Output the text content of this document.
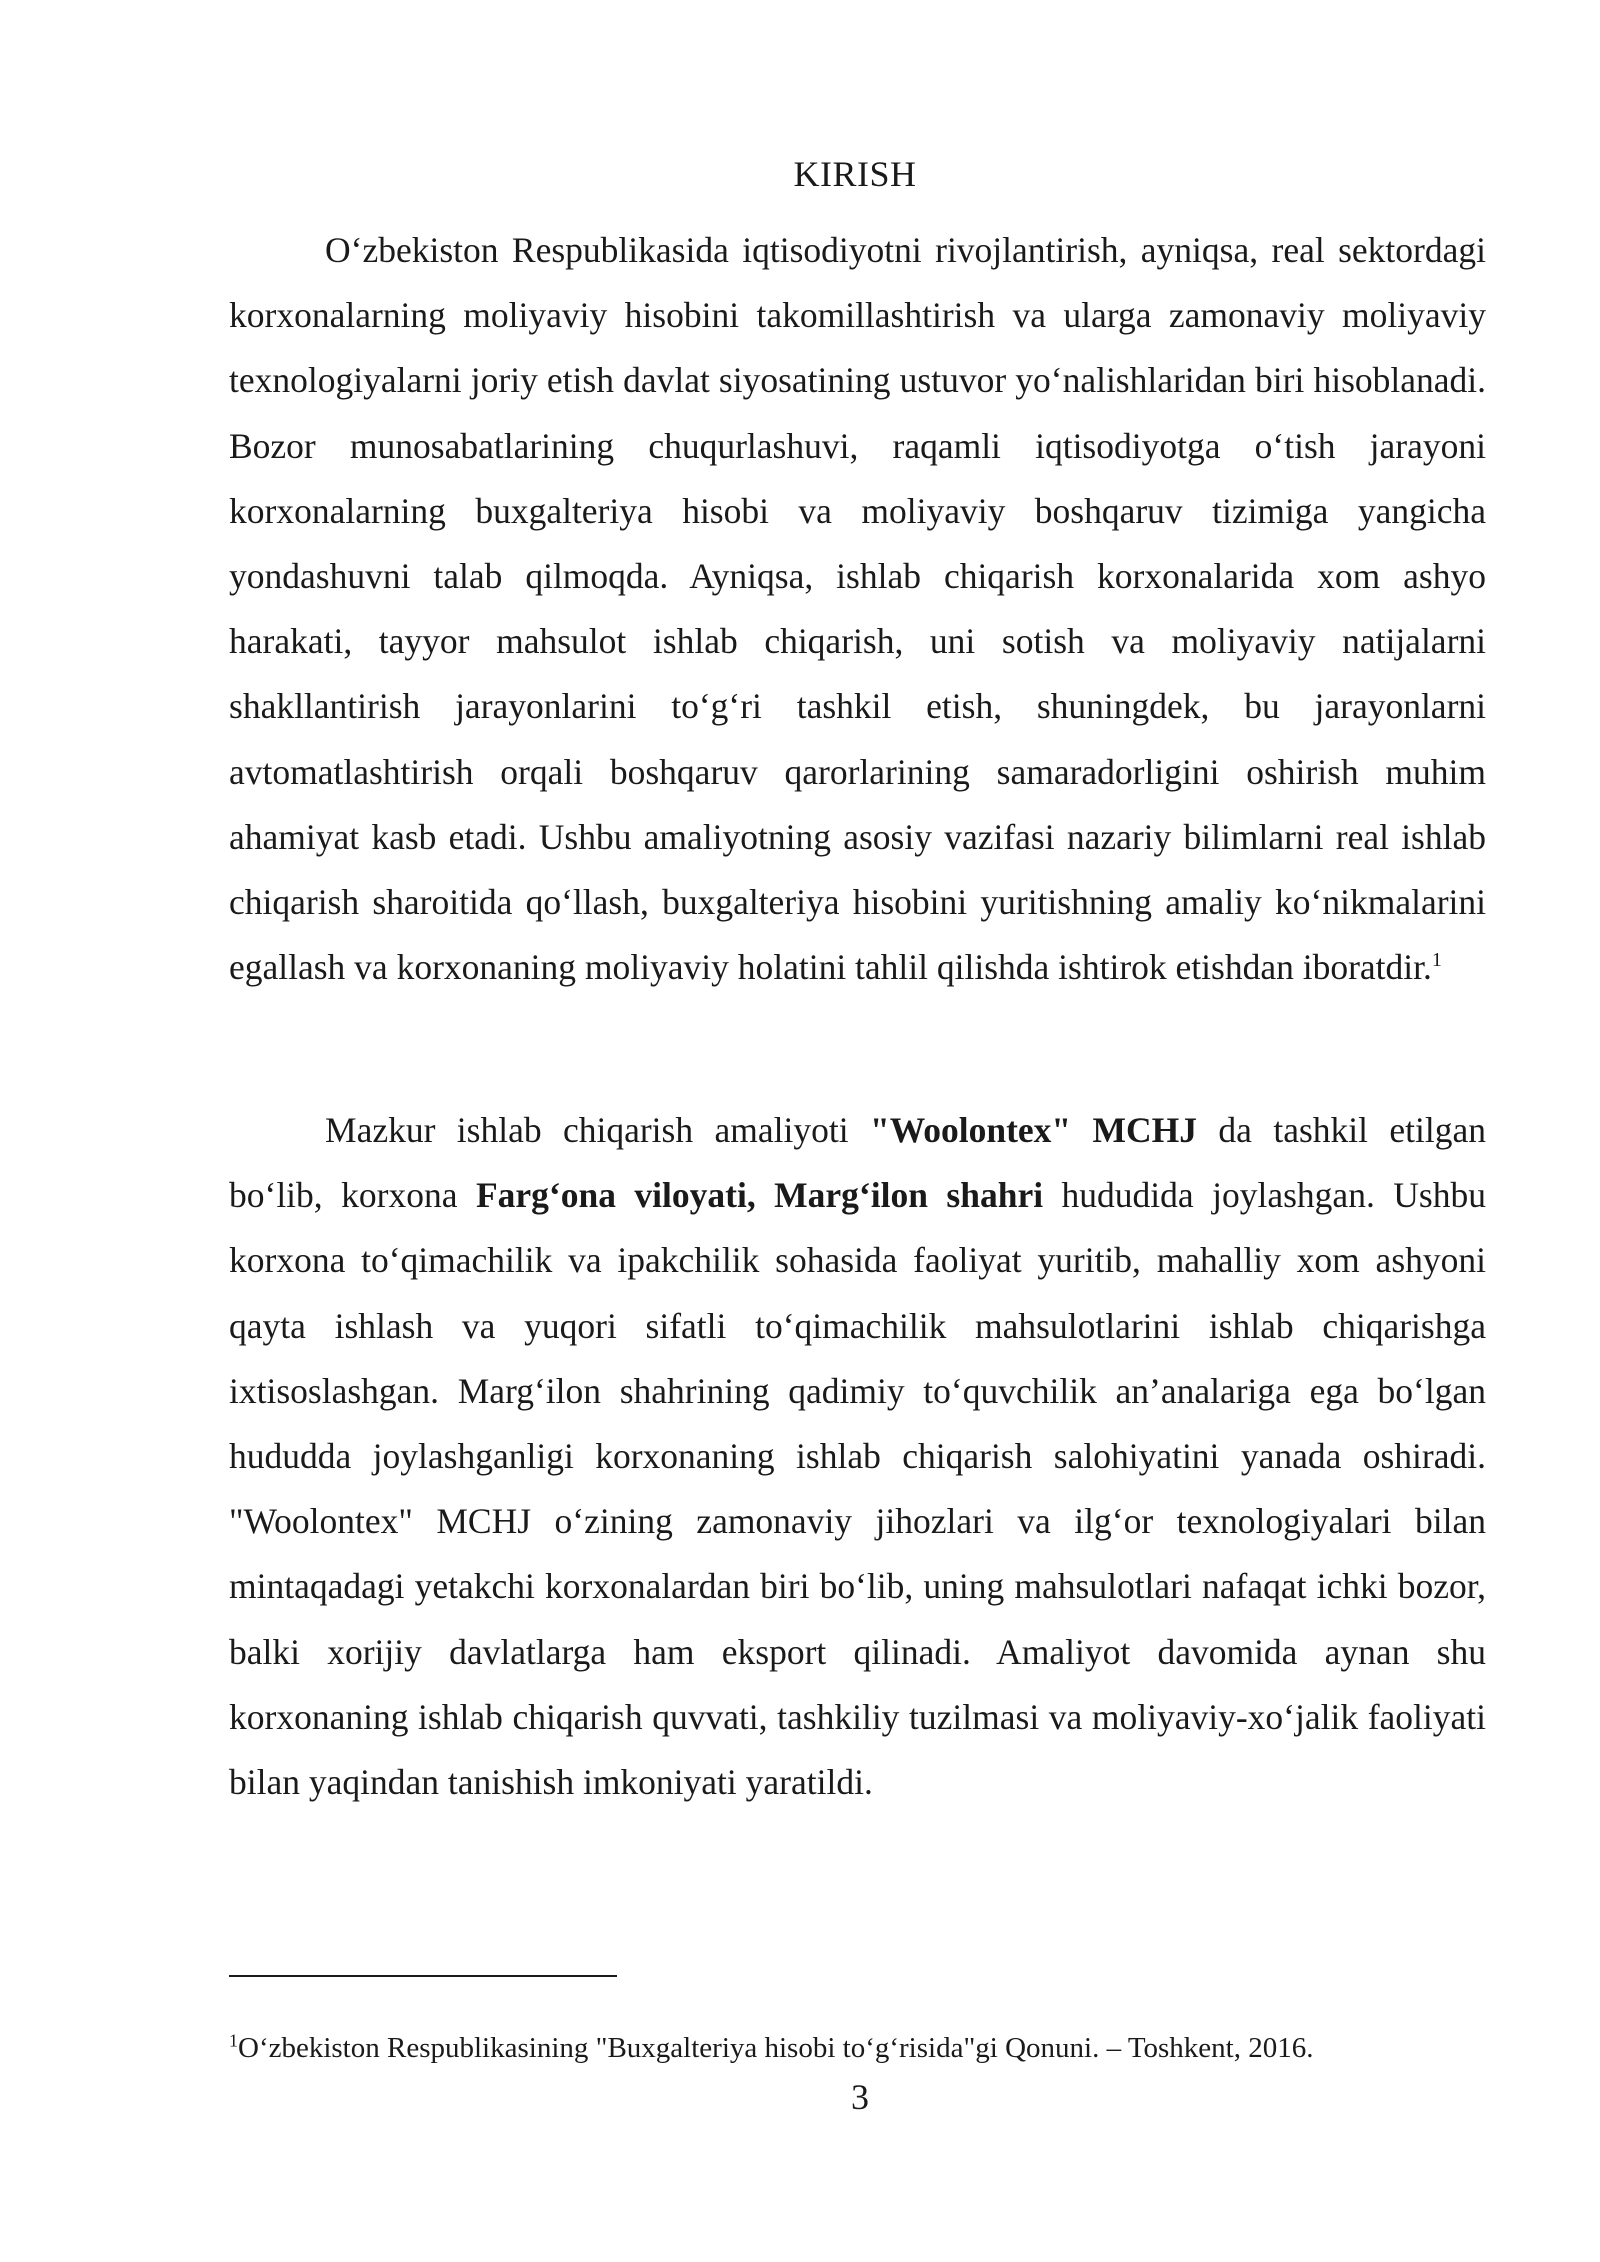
KIRISH

O‘zbekiston Respublikasida iqtisodiyotni rivojlantirish, ayniqsa, real sektordagi korxonalarning moliyaviy hisobini takomillashtirish va ularga zamonaviy moliyaviy texnologiyalarni joriy etish davlat siyosatining ustuvor yo‘nalishlaridan biri hisoblanadi. Bozor munosabatlarining chuqurlashuvi, raqamli iqtisodiyotga o‘tish jarayoni korxonalarning buxgalteriya hisobi va moliyaviy boshqaruv tizimiga yangicha yondashuvni talab qilmoqda. Ayniqsa, ishlab chiqarish korxonalarida xom ashyo harakati, tayyor mahsulot ishlab chiqarish, uni sotish va moliyaviy natijalarni shakllantirish jarayonlarini to‘g‘ri tashkil etish, shuningdek, bu jarayonlarni avtomatlashtirish orqali boshqaruv qarorlarining samaradorligini oshirish muhim ahamiyat kasb etadi. Ushbu amaliyotning asosiy vazifasi nazariy bilimlarni real ishlab chiqarish sharoitida qo‘llash, buxgalteriya hisobini yuritishning amaliy ko‘nikmalarini egallash va korxonaning moliyaviy holatini tahlil qilishda ishtirok etishdan iboratdir.$^1$

Mazkur ishlab chiqarish amaliyoti "Woolontex" MCHJ da tashkil etilgan bo‘lib, korxona Farg‘ona viloyati, Marg‘ilon shahri hududida joylashgan. Ushbu korxona to‘qimachilik va ipakchilik sohasida faoliyat yuritib, mahalliy xom ashyoni qayta ishlash va yuqori sifatli to‘qimachilik mahsulotlarini ishlab chiqarishga ixtisoslashgan. Marg‘ilon shahrining qadimiy to‘quvchilik an’analariga ega bo‘lgan hududda joylashganligi korxonaning ishlab chiqarish salohiyatini yanada oshiradi. "Woolontex" MCHJ o‘zining zamonaviy jihozlari va ilg‘or texnologiyalari bilan mintaqadagi yetakchi korxonalardan biri bo‘lib, uning mahsulotlari nafaqat ichki bozor, balki xorijiy davlatlarga ham eksport qilinadi. Amaliyot davomida aynan shu korxonaning ishlab chiqarish quvvati, tashkiliy tuzilmasi va moliyaviy-xo‘jalik faoliyati bilan yaqindan tanishish imkoniyati yaratildi.

$^1$O‘zbekiston Respublikasining "Buxgalteriya hisobi to‘g‘risida"gi Qonuni. – Toshkent, 2016.
3
